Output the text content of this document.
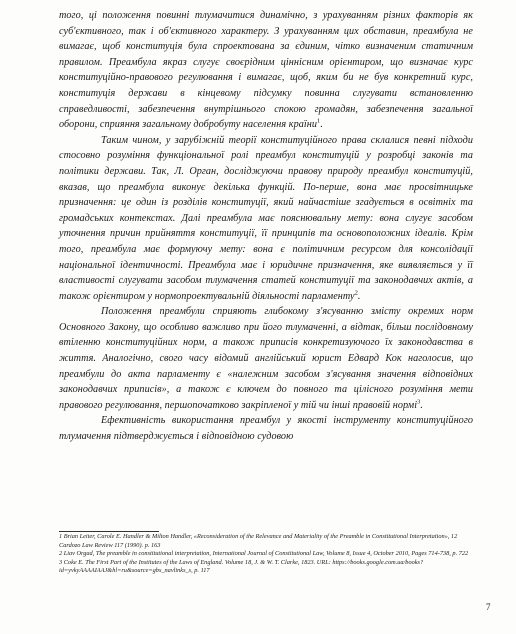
того, ці положення повинні тлумачитися динамічно, з урахуванням різних факторів як суб'єктивного, так і об'єктивного характеру. З урахуванням цих обставин, преамбула не вимагає, щоб конституція була спроектована за єдиним, чітко визначеним статичним правилом. Преамбула якраз слугує своєрідним ціннісним орієнтиром, що визначає курс конституційно-правового регулювання і вимагає, щоб, яким би не був конкретний курс, конституція держави в кінцевому підсумку повинна слугувати встановленню справедливості, забезпечення внутрішнього спокою громадян, забезпечення загальної оборони, сприяння загальному добробуту населення країни$^1$.

Таким чином, у зарубіжній теорії конституційного права склалися певні підходи стосовно розуміння функціональної ролі преамбул конституцій у розробці законів та політики держави. Так, Л. Орган, досліджуючи правову природу преамбул конституцій, вказав, що преамбула виконує декілька функцій. По-перше, вона має просвітницьке призначення: це один із розділів конституції, який найчастіше згадується в освітніх та громадських контекстах. Далі преамбула має пояснювальну мету: вона слугує засобом уточнення причин прийняття конституції, її принципів та основоположних ідеалів. Крім того, преамбула має формуючу мету: вона є політичним ресурсом для консолідації національної ідентичності. Преамбула має і юридичне призначення, яке виявляється у її властивості слугувати засобом тлумачення статей конституції та законодавчих актів, а також орієнтиром у нормопроектувальній діяльності парламенту$^2$.

Положення преамбули сприяють глибокому з'ясуванню змісту окремих норм Основного Закону, що особливо важливо при його тлумаченні, а відтак, більш послідовному втіленню конституційних норм, а також приписів конкретизуючого їх законодавства в життя. Аналогічно, свого часу відомий англійський юрист Едвард Кок наголосив, що преамбули до акта парламенту є «належним засобом з'ясування значення відповідних законодавчих приписів», а також є ключем до повного та цілісного розуміння мети правового регулювання, першопочатково закріпленої у тій чи інші правовій нормі$^3$.

Ефективність використання преамбул у якості інструменту конституційного тлумачення підтверджується і відповідною судовою

1 Brian Leiter, Carole E. Handler & Milton Handler, «Reconsideration of the Relevance and Materiality of the Preamble in Constitutional Interpretation», 12 Cardozo Law Review 117 (1990). p. 163

2 Liav Orgad, The preamble in constitutional interpretation, International Journal of Constitutional Law, Volume 8, Issue 4, October 2010, Pages 714-738, p. 722

3 Coke E. The First Part of the Institutes of the Laws of England. Volume 18, J. & W. T. Clarke, 1823. URL: https://books.google.com.ua/books?id=yvkyAAAAIAAJ&hl=ru&source=gbs_navlinks_s, p. 117

7
